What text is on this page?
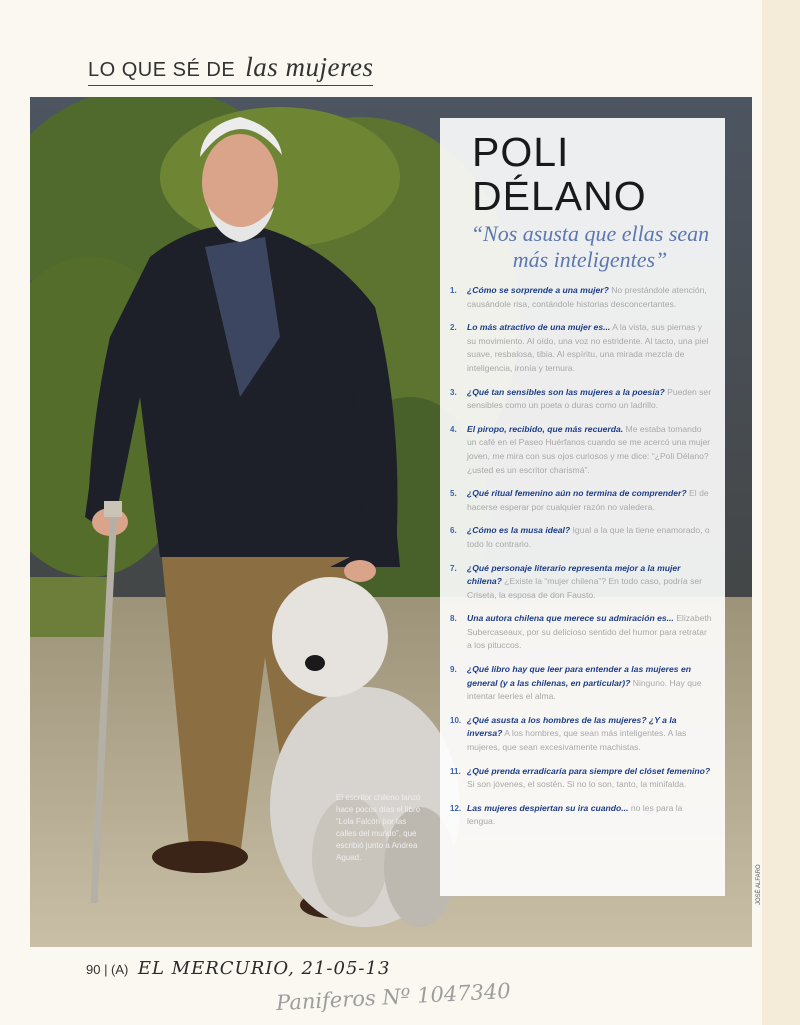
LO QUE SÉ DE las mujeres
El escritor chileno lanzó hace pocos días el libro “Lola Falcón por las calles del mundo”, que escribió junto a Andrea Aguad.
JOSÉ ALFARO
POLI
DÉLANO
“Nos asusta que ellas sean más inteligentes”
1. ¿Cómo se sorprende a una mujer? No prestándole atención, causándole risa, contándole historias desconcertantes.
2. Lo más atractivo de una mujer es... A la vista, sus piernas y su movimiento. Al oído, una voz no estridente. Al tacto, una piel suave, resbalosa, tibia. Al espíritu, una mirada mezcla de inteligencia, ironía y ternura.
3. ¿Qué tan sensibles son las mujeres a la poesía? Pueden ser sensibles como un poeta o duras como un ladrillo.
4. El piropo, recibido, que más recuerda. Me estaba tomando un café en el Paseo Huérfanos cuando se me acercó una mujer joven, me mira con sus ojos curiosos y me dice: “¿Poli Délano? ¿usted es un escritor charismá”.
5. ¿Qué ritual femenino aún no termina de comprender? El de hacerse esperar por cualquier razón no valedera.
6. ¿Cómo es la musa ideal? Igual a la que la tiene enamorado, o todo lo contrario.
7. ¿Qué personaje literario representa mejor a la mujer chilena? ¿Existe la “mujer chilena”? En todo caso, podría ser Criseta, la esposa de don Fausto.
8. Una autora chilena que merece su admiración es... Elizabeth Subercaseaux, por su delicioso sentido del humor para retratar a los pituccos.
9. ¿Qué libro hay que leer para entender a las mujeres en general (y a las chilenas, en particular)? Ninguno. Hay que intentar leerles el alma.
10. ¿Qué asusta a los hombres de las mujeres? ¿Y a la inversa? A los hombres, que sean más inteligentes. A las mujeres, que sean excesivamente machistas.
11. ¿Qué prenda erradicaría para siempre del clóset femenino? Si son jóvenes, el sostén. Si no lo son, tanto, la minifalda.
12. Las mujeres despiertan su ira cuando... no les para la lengua.
90 | (A) EL MERCURIO, 21-05-13
Paniferos Nº 1047340
